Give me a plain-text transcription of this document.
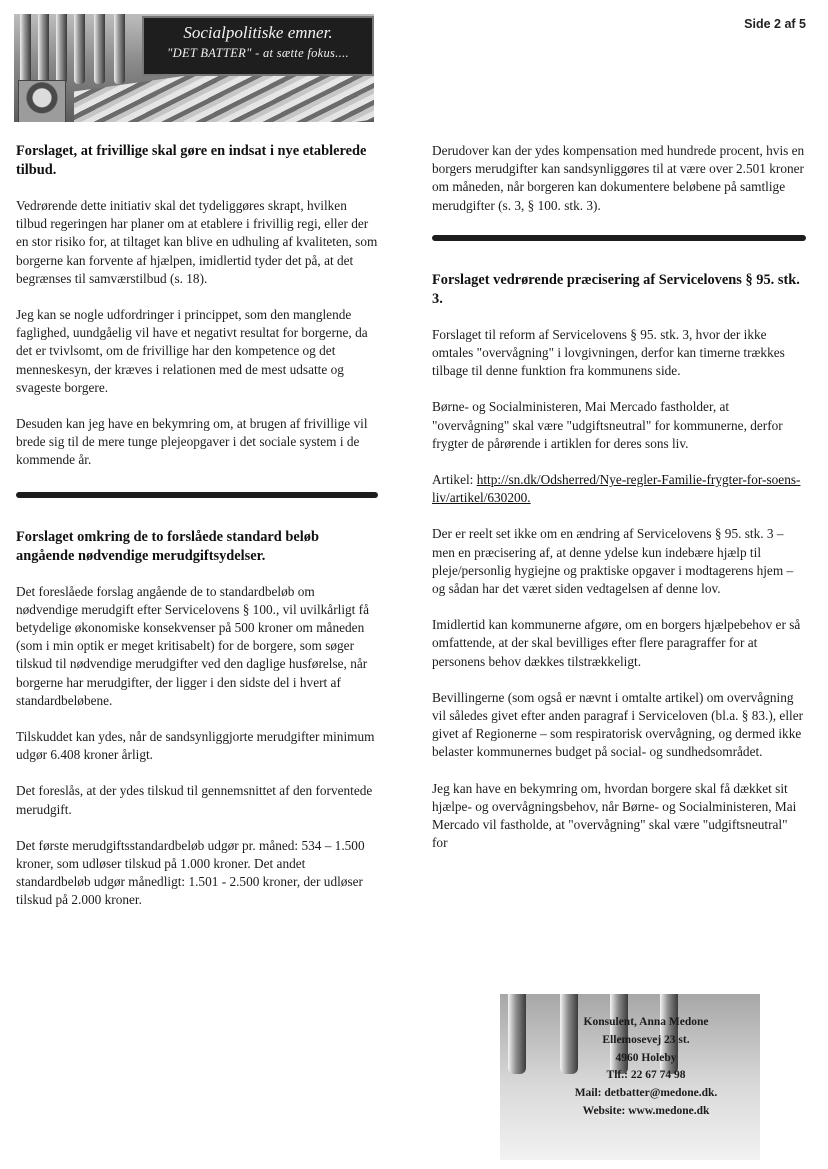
Side 2 af 5
Socialpolitiske emner.
"DET BATTER" - at sætte fokus....
Forslaget, at frivillige skal gøre en indsat i nye etablerede tilbud.

Vedrørende dette initiativ skal det tydeliggøres skrapt, hvilken tilbud regeringen har planer om at etablere i frivillig regi, eller der en stor risiko for, at tiltaget kan blive en udhuling af kvaliteten, som borgerne kan forvente af hjælpen, imidlertid tyder det på, at det begrænses til samværstilbud (s. 18).

Jeg kan se nogle udfordringer i princippet, som den manglende faglighed, uundgåelig vil have et negativt resultat for borgerne, da det er tvivlsomt, om de frivillige har den kompetence og det menneskesyn, der kræves i relationen med de mest udsatte og svageste borgere.

Desuden kan jeg have en bekymring om, at brugen af frivillige vil brede sig til de mere tunge plejeopgaver i det sociale system i de kommende år.

Forslaget omkring de to forslåede standard beløb angående nødvendige merudgiftsydelser.

Det foreslåede forslag angående de to standardbeløb om nødvendige merudgift efter Servicelovens § 100., vil uvilkårligt få betydelige økonomiske konsekvenser på 500 kroner om måneden (som i min optik er meget kritisabelt) for de borgere, som søger tilskud til nødvendige merudgifter ved den daglige husførelse, når borgerne har merudgifter, der ligger i den sidste del i hvert af standardbeløbene.

Tilskuddet kan ydes, når de sandsynliggjorte merudgifter minimum udgør 6.408 kroner årligt.

Det foreslås, at der ydes tilskud til gennemsnittet af den forventede merudgift.

Det første merudgiftsstandardbeløb udgør pr. måned: 534 – 1.500 kroner, som udløser tilskud på 1.000 kroner. Det andet standardbeløb udgør månedligt: 1.501 - 2.500 kroner, der udløser tilskud på 2.000 kroner.

Derudover kan der ydes kompensation med hundrede procent, hvis en borgers merudgifter kan sandsynliggøres til at være over 2.501 kroner om måneden, når borgeren kan dokumentere beløbene på samtlige merudgifter (s. 3, § 100. stk. 3).

Forslaget vedrørende præcisering af Servicelovens § 95. stk. 3.

Forslaget til reform af Servicelovens § 95. stk. 3, hvor der ikke omtales "overvågning" i lovgivningen, derfor kan timerne trækkes tilbage til denne funktion fra kommunens side.

Børne- og Socialministeren, Mai Mercado fastholder, at "overvågning" skal være "udgiftsneutral" for kommunerne, derfor frygter de pårørende i artiklen for deres sons liv.

Artikel: http://sn.dk/Odsherred/Nye-regler-Familie-frygter-for-soens-liv/artikel/630200.

Der er reelt set ikke om en ændring af Servicelovens § 95. stk. 3 – men en præcisering af, at denne ydelse kun indebære hjælp til pleje/personlig hygiejne og praktiske opgaver i modtagerens hjem – og sådan har det været siden vedtagelsen af denne lov.

Imidlertid kan kommunerne afgøre, om en borgers hjælpebehov er så omfattende, at der skal bevilliges efter flere paragraffer for at personens behov dækkes tilstrækkeligt.

Bevillingerne (som også er nævnt i omtalte artikel) om overvågning vil således givet efter anden paragraf i Serviceloven (bl.a. § 83.), eller givet af Regionerne – som respiratorisk overvågning, og dermed ikke belaster kommunernes budget på social- og sundhedsområdet.

Jeg kan have en bekymring om, hvordan borgere skal få dækket sit hjælpe- og overvågningsbehov, når Børne- og Socialministeren, Mai Mercado vil fastholde, at "overvågning" skal være "udgiftsneutral" for

Konsulent, Anna Medone
Ellemosevej 23 st.
4960 Holeby
Tlf.: 22 67 74 98
Mail: detbatter@medone.dk.
Website: www.medone.dk
